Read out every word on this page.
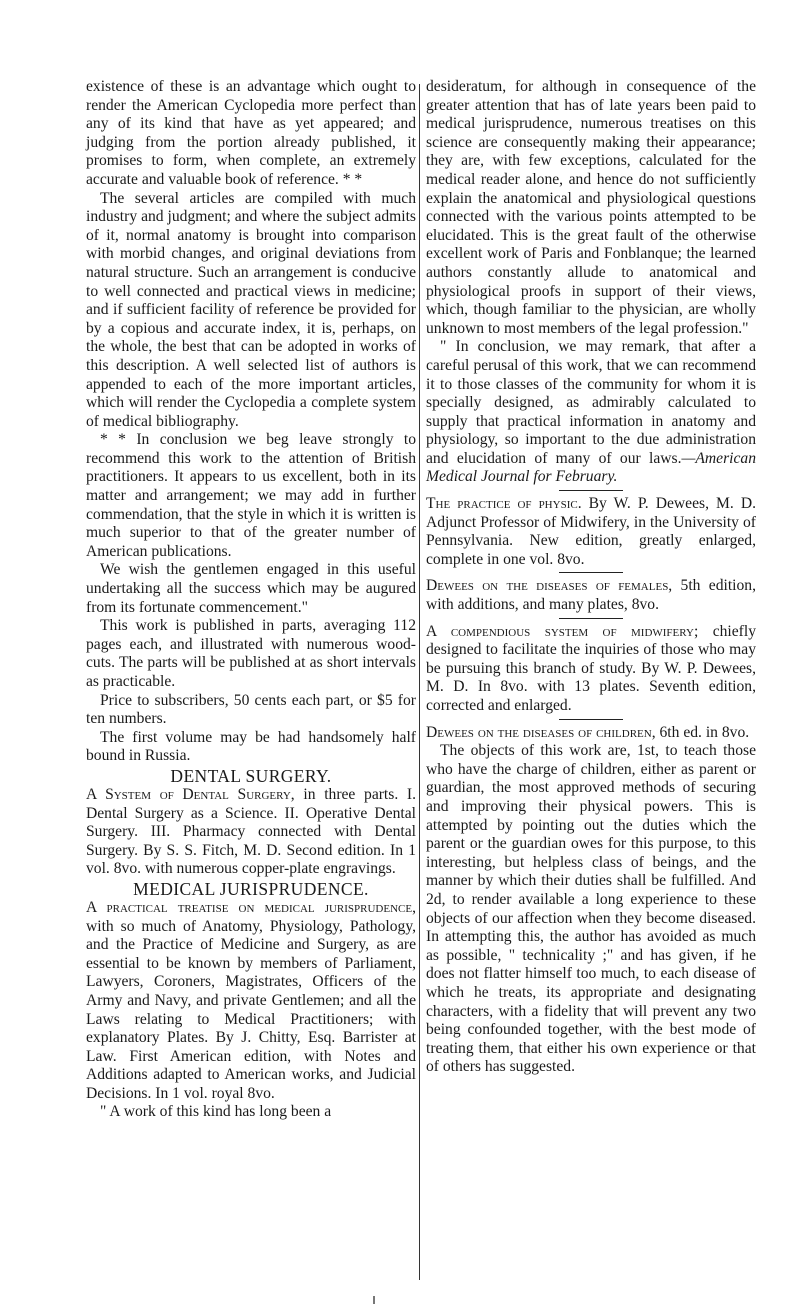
existence of these is an advantage which ought to render the American Cyclopedia more perfect than any of its kind that have as yet appeared; and judging from the portion already published, it promises to form, when complete, an extremely accurate and valuable book of reference. * *

The several articles are compiled with much industry and judgment; and where the subject admits of it, normal anatomy is brought into comparison with morbid changes, and original deviations from natural structure. Such an arrangement is conducive to well connected and practical views in medicine; and if sufficient facility of reference be provided for by a copious and accurate index, it is, perhaps, on the whole, the best that can be adopted in works of this description. A well selected list of authors is appended to each of the more important articles, which will render the Cyclopedia a complete system of medical bibliography.

* * In conclusion we beg leave strongly to recommend this work to the attention of British practitioners. It appears to us excellent, both in its matter and arrangement; we may add in further commendation, that the style in which it is written is much superior to that of the greater number of American publications.

We wish the gentlemen engaged in this useful undertaking all the success which may be augured from its fortunate commencement."

This work is published in parts, averaging 112 pages each, and illustrated with numerous wood-cuts. The parts will be published at as short intervals as practicable.

Price to subscribers, 50 cents each part, or $5 for ten numbers.

The first volume may be had handsomely half bound in Russia.

DENTAL SURGERY.

A System of Dental Surgery, in three parts. I. Dental Surgery as a Science. II. Operative Dental Surgery. III. Pharmacy connected with Dental Surgery. By S. S. Fitch, M. D. Second edition. In 1 vol. 8vo. with numerous copper-plate engravings.

MEDICAL JURISPRUDENCE.

A practical treatise on medical jurisprudence, with so much of Anatomy, Physiology, Pathology, and the Practice of Medicine and Surgery, as are essential to be known by members of Parliament, Lawyers, Coroners, Magistrates, Officers of the Army and Navy, and private Gentlemen; and all the Laws relating to Medical Practitioners; with explanatory Plates. By J. Chitty, Esq. Barrister at Law. First American edition, with Notes and Additions adapted to American works, and Judicial Decisions. In 1 vol. royal 8vo.

" A work of this kind has long been a

desideratum, for although in consequence of the greater attention that has of late years been paid to medical jurisprudence, numerous treatises on this science are consequently making their appearance; they are, with few exceptions, calculated for the medical reader alone, and hence do not sufficiently explain the anatomical and physiological questions connected with the various points attempted to be elucidated. This is the great fault of the otherwise excellent work of Paris and Fonblanque; the learned authors constantly allude to anatomical and physiological proofs in support of their views, which, though familiar to the physician, are wholly unknown to most members of the legal profession."

" In conclusion, we may remark, that after a careful perusal of this work, that we can recommend it to those classes of the community for whom it is specially designed, as admirably calculated to supply that practical information in anatomy and physiology, so important to the due administration and elucidation of many of our laws.—American Medical Journal for February.

The practice of physic. By W. P. Dewees, M. D. Adjunct Professor of Midwifery, in the University of Pennsylvania. New edition, greatly enlarged, complete in one vol. 8vo.

Dewees on the diseases of females, 5th edition, with additions, and many plates, 8vo.

A compendious system of midwifery; chiefly designed to facilitate the inquiries of those who may be pursuing this branch of study. By W. P. Dewees, M. D. In 8vo. with 13 plates. Seventh edition, corrected and enlarged.

Dewees on the diseases of children, 6th ed. in 8vo.

The objects of this work are, 1st, to teach those who have the charge of children, either as parent or guardian, the most approved methods of securing and improving their physical powers. This is attempted by pointing out the duties which the parent or the guardian owes for this purpose, to this interesting, but helpless class of beings, and the manner by which their duties shall be fulfilled. And 2d, to render available a long experience to these objects of our affection when they become diseased. In attempting this, the author has avoided as much as possible, " technicality ;" and has given, if he does not flatter himself too much, to each disease of which he treats, its appropriate and designating characters, with a fidelity that will prevent any two being confounded together, with the best mode of treating them, that either his own experience or that of others has suggested.
